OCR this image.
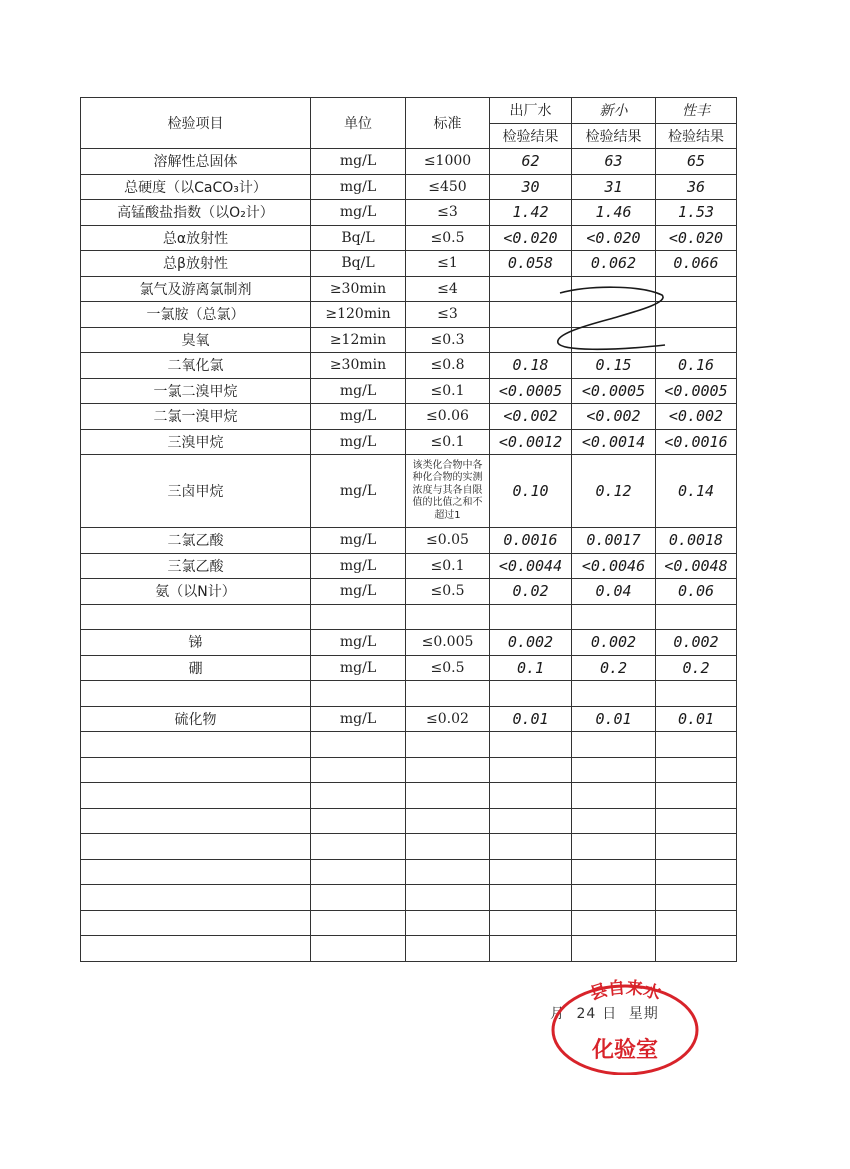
检验项目	单位	标准	出厂水	新小	性丰
			检验结果	检验结果	检验结果
溶解性总固体	mg/L	≤1000	62	63	65
总硬度（以CaCO₃计）	mg/L	≤450	30	31	36
高锰酸盐指数（以O₂计）	mg/L	≤3	1.42	1.46	1.53
总α放射性	Bq/L	≤0.5	<0.020	<0.020	<0.020
总β放射性	Bq/L	≤1	0.058	0.062	0.066
氯气及游离氯制剂	≥30min	≤4			
一氯胺（总氯）	≥120min	≤3			
臭氧	≥12min	≤0.3			
二氧化氯	≥30min	≤0.8	0.18	0.15	0.16
一氯二溴甲烷	mg/L	≤0.1	<0.0005	<0.0005	<0.0005
二氯一溴甲烷	mg/L	≤0.06	<0.002	<0.002	<0.002
三溴甲烷	mg/L	≤0.1	<0.0012	<0.0014	<0.0016
三卤甲烷	mg/L	该类化合物中各种化合物的实测浓度与其各自限值的比值之和不超过1	0.10	0.12	0.14
二氯乙酸	mg/L	≤0.05	0.0016	0.0017	0.0018
三氯乙酸	mg/L	≤0.1	<0.0044	<0.0046	<0.0048
氨（以N计）	mg/L	≤0.5	0.02	0.04	0.06

锑	mg/L	≤0.005	0.002	0.002	0.002
硼	mg/L	≤0.5	0.1	0.2	0.2

硫化物	mg/L	≤0.02	0.01	0.01	0.01

月 24 日 星期
县自来水
化验室
